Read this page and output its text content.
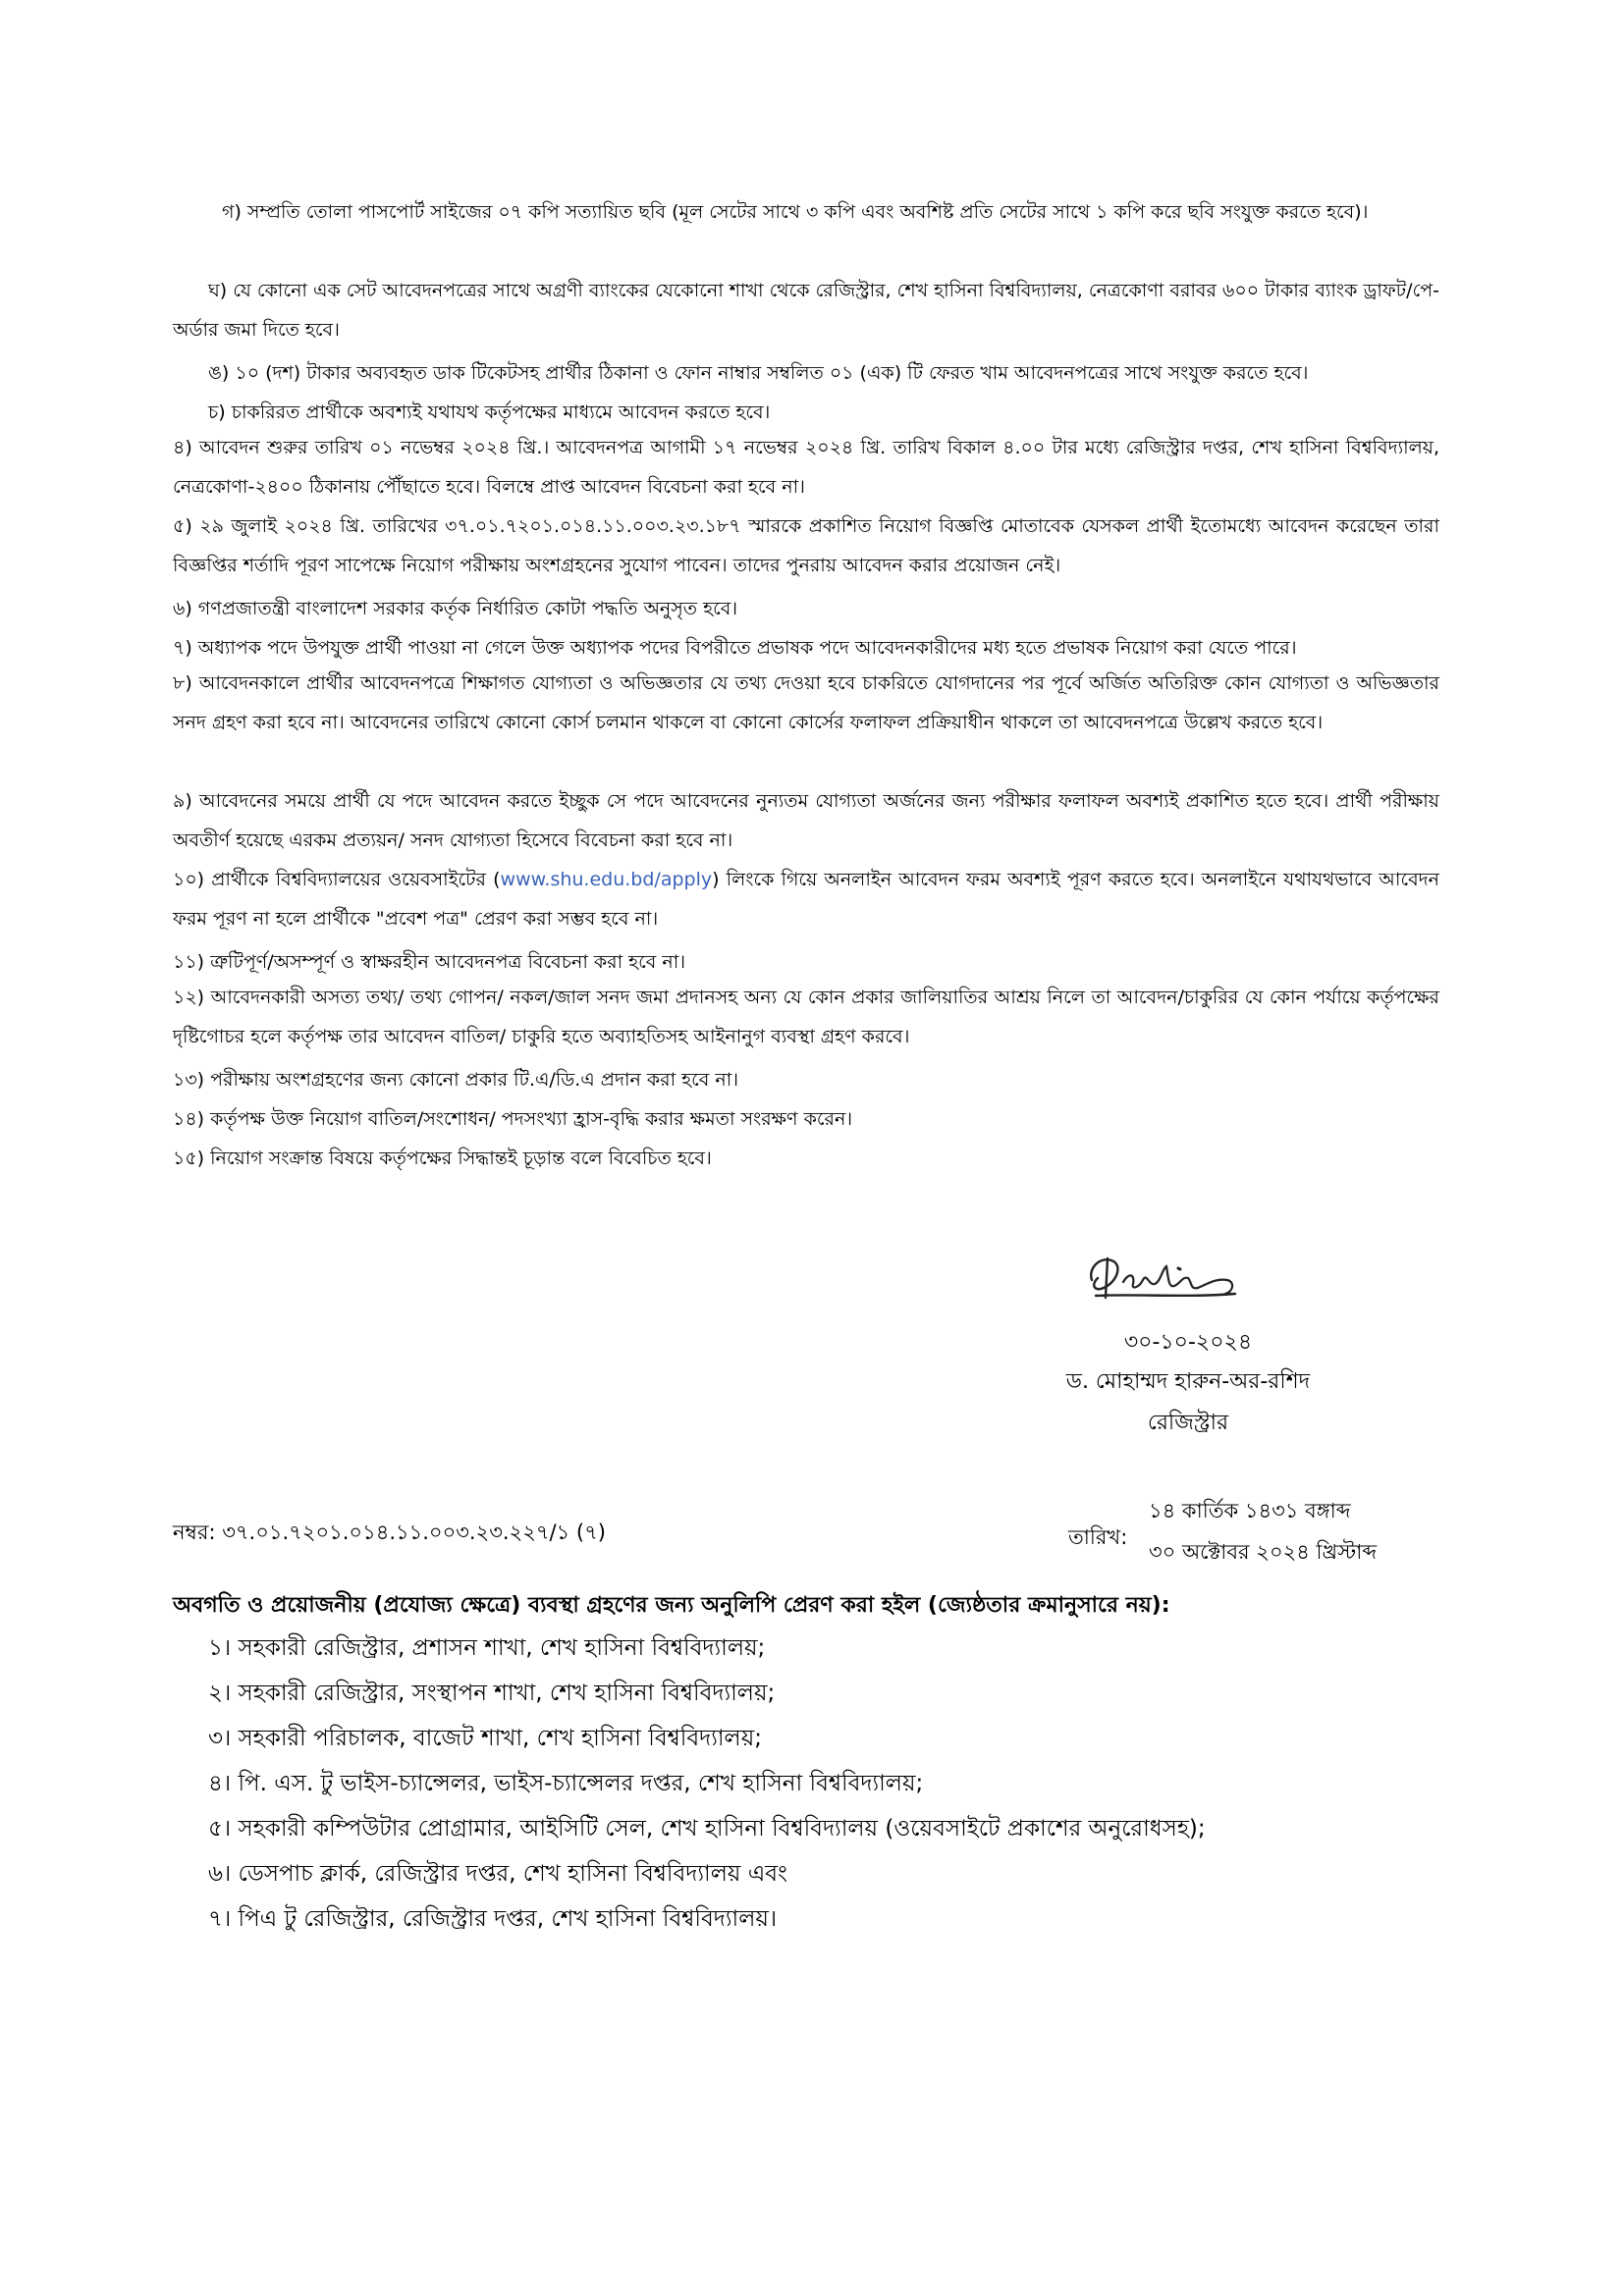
গ) সম্প্রতি তোলা পাসপোর্ট সাইজের ০৭ কপি সত্যায়িত ছবি (মূল সেটের সাথে ৩ কপি এবং অবশিষ্ট প্রতি সেটের সাথে ১ কপি করে ছবি সংযুক্ত করতে হবে)।
ঘ) যে কোনো এক সেট আবেদনপত্রের সাথে অগ্রণী ব্যাংকের যেকোনো শাখা থেকে রেজিস্ট্রার, শেখ হাসিনা বিশ্ববিদ্যালয়, নেত্রকোণা বরাবর ৬০০ টাকার ব্যাংক ড্রাফট/পে-অর্ডার জমা দিতে হবে।
ঙ) ১০ (দশ) টাকার অব্যবহৃত ডাক টিকেটসহ প্রার্থীর ঠিকানা ও ফোন নাম্বার সম্বলিত ০১ (এক) টি ফেরত খাম আবেদনপত্রের সাথে সংযুক্ত করতে হবে।
চ) চাকরিরত প্রার্থীকে অবশ্যই যথাযথ কর্তৃপক্ষের মাধ্যমে আবেদন করতে হবে।
৪) আবেদন শুরুর তারিখ ০১ নভেম্বর ২০২৪ খ্রি.। আবেদনপত্র আগামী ১৭ নভেম্বর ২০২৪ খ্রি. তারিখ বিকাল ৪.০০ টার মধ্যে রেজিস্ট্রার দপ্তর, শেখ হাসিনা বিশ্ববিদ্যালয়, নেত্রকোণা-২৪০০ ঠিকানায় পৌঁছাতে হবে। বিলম্বে প্রাপ্ত আবেদন বিবেচনা করা হবে না।
৫) ২৯ জুলাই ২০২৪ খ্রি. তারিখের ৩৭.০১.৭২০১.০১৪.১১.০০৩.২৩.১৮৭ স্মারকে প্রকাশিত নিয়োগ বিজ্ঞপ্তি মোতাবেক যেসকল প্রার্থী ইতোমধ্যে আবেদন করেছেন তারা বিজ্ঞপ্তির শর্তাদি পূরণ সাপেক্ষে নিয়োগ পরীক্ষায় অংশগ্রহনের সুযোগ পাবেন। তাদের পুনরায় আবেদন করার প্রয়োজন নেই।
৬) গণপ্রজাতন্ত্রী বাংলাদেশ সরকার কর্তৃক নির্ধারিত কোটা পদ্ধতি অনুসৃত হবে।
৭) অধ্যাপক পদে উপযুক্ত প্রার্থী পাওয়া না গেলে উক্ত অধ্যাপক পদের বিপরীতে প্রভাষক পদে আবেদনকারীদের মধ্য হতে প্রভাষক নিয়োগ করা যেতে পারে।
৮) আবেদনকালে প্রার্থীর আবেদনপত্রে শিক্ষাগত যোগ্যতা ও অভিজ্ঞতার যে তথ্য দেওয়া হবে চাকরিতে যোগদানের পর পূর্বে অর্জিত অতিরিক্ত কোন যোগ্যতা ও অভিজ্ঞতার সনদ গ্রহণ করা হবে না। আবেদনের তারিখে কোনো কোর্স চলমান থাকলে বা কোনো কোর্সের ফলাফল প্রক্রিয়াধীন থাকলে তা আবেদনপত্রে উল্লেখ করতে হবে।
৯) আবেদনের সময়ে প্রার্থী যে পদে আবেদন করতে ইচ্ছুক সে পদে আবেদনের নুন্যতম যোগ্যতা অর্জনের জন্য পরীক্ষার ফলাফল অবশ্যই প্রকাশিত হতে হবে। প্রার্থী পরীক্ষায় অবতীর্ণ হয়েছে এরকম প্রত্যয়ন/ সনদ যোগ্যতা হিসেবে বিবেচনা করা হবে না।
১০) প্রার্থীকে বিশ্ববিদ্যালয়ের ওয়েবসাইটের (www.shu.edu.bd/apply) লিংকে গিয়ে অনলাইন আবেদন ফরম অবশ্যই পূরণ করতে হবে। অনলাইনে যথাযথভাবে আবেদন ফরম পূরণ না হলে প্রার্থীকে "প্রবেশ পত্র" প্রেরণ করা সম্ভব হবে না।
১১) ত্রুটিপূর্ণ/অসম্পূর্ণ ও স্বাক্ষরহীন আবেদনপত্র বিবেচনা করা হবে না।
১২) আবেদনকারী অসত্য তথ্য/ তথ্য গোপন/ নকল/জাল সনদ জমা প্রদানসহ অন্য যে কোন প্রকার জালিয়াতির আশ্রয় নিলে তা আবেদন/চাকুরির যে কোন পর্যায়ে কর্তৃপক্ষের দৃষ্টিগোচর হলে কর্তৃপক্ষ তার আবেদন বাতিল/ চাকুরি হতে অব্যাহতিসহ আইনানুগ ব্যবস্থা গ্রহণ করবে।
১৩) পরীক্ষায় অংশগ্রহণের জন্য কোনো প্রকার টি.এ/ডি.এ প্রদান করা হবে না।
১৪) কর্তৃপক্ষ উক্ত নিয়োগ বাতিল/সংশোধন/ পদসংখ্যা হ্রাস-বৃদ্ধি করার ক্ষমতা সংরক্ষণ করেন।
১৫) নিয়োগ সংক্রান্ত বিষয়ে কর্তৃপক্ষের সিদ্ধান্তই চূড়ান্ত বলে বিবেচিত হবে।
৩০-১০-২০২৪
ড. মোহাম্মদ হারুন-অর-রশিদ
রেজিস্ট্রার
নম্বর: ৩৭.০১.৭২০১.০১৪.১১.০০৩.২৩.২২৭/১ (৭)	তারিখ:
১৪ কার্তিক ১৪৩১ বঙ্গাব্দ
৩০ অক্টোবর ২০২৪ খ্রিস্টাব্দ
অবগতি ও প্রয়োজনীয় (প্রযোজ্য ক্ষেত্রে) ব্যবস্থা গ্রহণের জন্য অনুলিপি প্রেরণ করা হইল (জ্যেষ্ঠতার ক্রমানুসারে নয়):
১। সহকারী রেজিস্ট্রার, প্রশাসন শাখা, শেখ হাসিনা বিশ্ববিদ্যালয়;
২। সহকারী রেজিস্ট্রার, সংস্থাপন শাখা, শেখ হাসিনা বিশ্ববিদ্যালয়;
৩। সহকারী পরিচালক, বাজেট শাখা, শেখ হাসিনা বিশ্ববিদ্যালয়;
৪। পি. এস. টু ভাইস-চ্যান্সেলর, ভাইস-চ্যান্সেলর দপ্তর, শেখ হাসিনা বিশ্ববিদ্যালয়;
৫। সহকারী কম্পিউটার প্রোগ্রামার, আইসিটি সেল, শেখ হাসিনা বিশ্ববিদ্যালয় (ওয়েবসাইটে প্রকাশের অনুরোধসহ);
৬। ডেসপাচ ক্লার্ক, রেজিস্ট্রার দপ্তর, শেখ হাসিনা বিশ্ববিদ্যালয় এবং
৭। পিএ টু রেজিস্ট্রার, রেজিস্ট্রার দপ্তর, শেখ হাসিনা বিশ্ববিদ্যালয়।
